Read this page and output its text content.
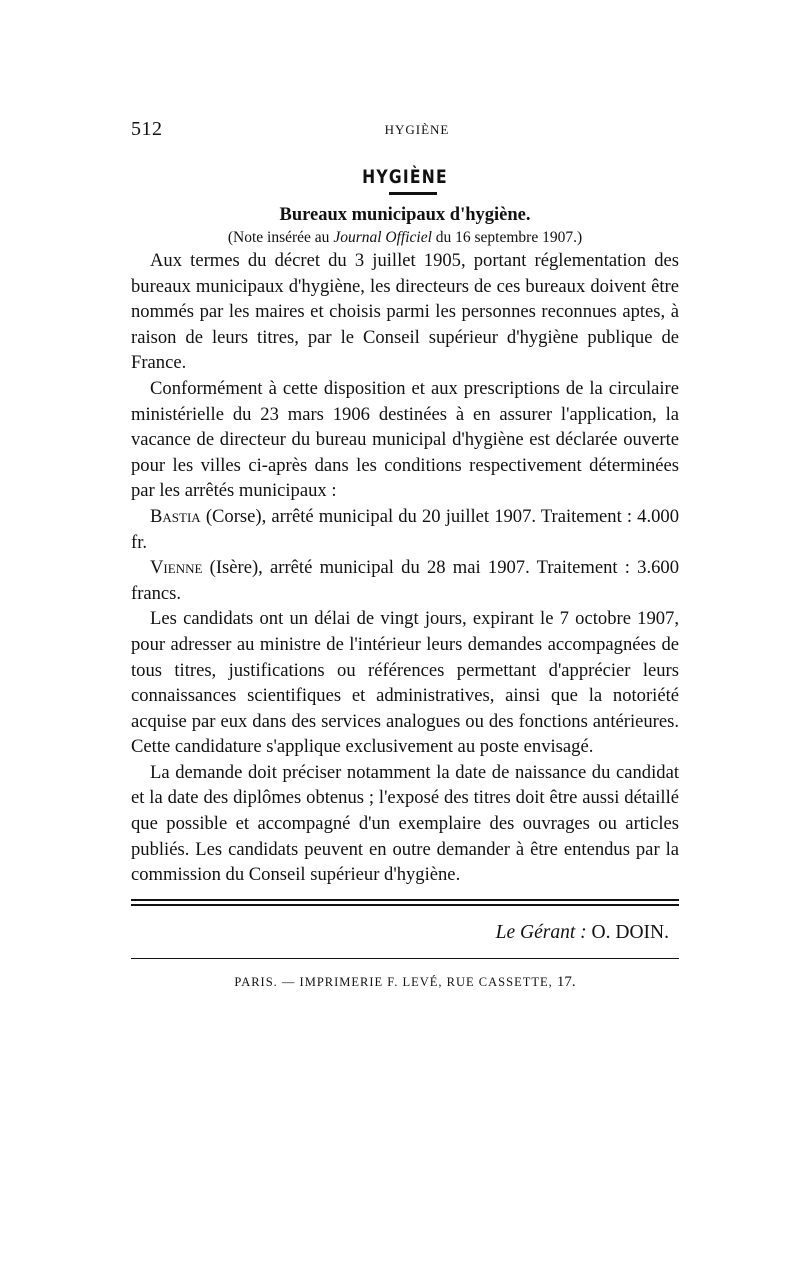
512	HYGIÈNE
HYGIÈNE
Bureaux municipaux d'hygiène.
(Note insérée au Journal Officiel du 16 septembre 1907.)

Aux termes du décret du 3 juillet 1905, portant réglementation des bureaux municipaux d'hygiène, les directeurs de ces bureaux doivent être nommés par les maires et choisis parmi les personnes reconnues aptes, à raison de leurs titres, par le Conseil supérieur d'hygiène publique de France.

Conformément à cette disposition et aux prescriptions de la circulaire ministérielle du 23 mars 1906 destinées à en assurer l'application, la vacance de directeur du bureau municipal d'hygiène est déclarée ouverte pour les villes ci-après dans les conditions respectivement déterminées par les arrêtés municipaux :

Bastia (Corse), arrêté municipal du 20 juillet 1907. Traitement : 4.000 fr.

Vienne (Isère), arrêté municipal du 28 mai 1907. Traitement : 3.600 francs.

Les candidats ont un délai de vingt jours, expirant le 7 octobre 1907, pour adresser au ministre de l'intérieur leurs demandes accompagnées de tous titres, justifications ou références permettant d'apprécier leurs connaissances scientifiques et administratives, ainsi que la notoriété acquise par eux dans des services analogues ou des fonctions antérieures. Cette candidature s'applique exclusivement au poste envisagé.

La demande doit préciser notamment la date de naissance du candidat et la date des diplômes obtenus ; l'exposé des titres doit être aussi détaillé que possible et accompagné d'un exemplaire des ouvrages ou articles publiés. Les candidats peuvent en outre demander à être entendus par la commission du Conseil supérieur d'hygiène.

Le Gérant : O. DOIN.
PARIS. — IMPRIMERIE F. LEVÉ, RUE CASSETTE, 17.
